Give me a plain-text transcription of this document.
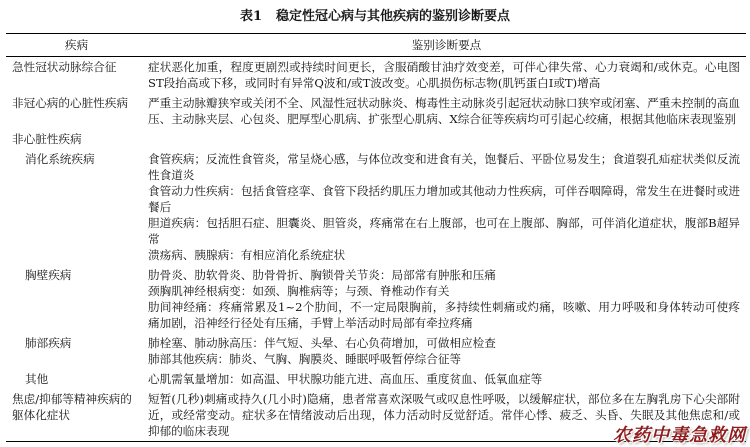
表1 稳定性冠心病与其他疾病的鉴别诊断要点
疾病	鉴别诊断要点
急性冠状动脉综合征	症状恶化加重，程度更剧烈或持续时间更长，含服硝酸甘油疗效变差，可伴心律失常、心力衰竭和/或休克。心电图ST段抬高或下移，或同时有异常Q波和/或T波改变。心肌损伤标志物(肌钙蛋白I或T)增高

非冠心病的心脏性疾病	严重主动脉瓣狭窄或关闭不全、风湿性冠状动脉炎、梅毒性主动脉炎引起冠状动脉口狭窄或闭塞、严重未控制的高血压、主动脉夹层、心包炎、肥厚型心肌病、扩张型心肌病、X综合征等疾病均可引起心绞痛，根据其他临床表现鉴别

非心脏性疾病	
消化系统疾病	食管疾病；反流性食管炎，常呈烧心感，与体位改变和进食有关，饱餐后、平卧位易发生；食道裂孔疝症状类似反流性食道炎
食管动力性疾病：包括食管痉挛、食管下段括约肌压力增加或其他动力性疾病，可伴吞咽障碍，常发生在进餐时或进餐后
胆道疾病：包括胆石症、胆囊炎、胆管炎，疼痛常在右上腹部，也可在上腹部、胸部，可伴消化道症状，腹部B超异常
溃疡病、胰腺病：有相应消化系统症状

胸壁疾病	肋骨炎、肋软骨炎、肋骨骨折、胸锁骨关节炎：局部常有肿胀和压痛
颈胸肌神经根病变：如颈、胸椎病等；与颈、脊椎动作有关
肋间神经痛：疼痛常累及1~2个肋间，不一定局限胸前，多持续性刺痛或灼痛，咳嗽、用力呼吸和身体转动可使疼痛加剧，沿神经行径处有压痛，手臂上举活动时局部有牵拉疼痛

肺部疾病	肺栓塞、肺动脉高压：伴气短、头晕、右心负荷增加，可做相应检查
肺部其他疾病：肺炎、气胸、胸膜炎、睡眠呼吸暂停综合征等

其他	心肌需氧量增加：如高温、甲状腺功能亢进、高血压、重度贫血、低氧血症等

焦虑/抑郁等精神疾病的躯体化症状	短暂(几秒)刺痛或持久(几小时)隐痛，患者常喜欢深吸气或叹息性呼吸，以缓解症状，部位多在左胸乳房下心尖部附近，或经常变动。症状多在情绪波动后出现，体力活动时反觉舒适。常伴心悸、疲乏、头昏、失眠及其他焦虑和/或抑郁的临床表现	农药中毒急救网
